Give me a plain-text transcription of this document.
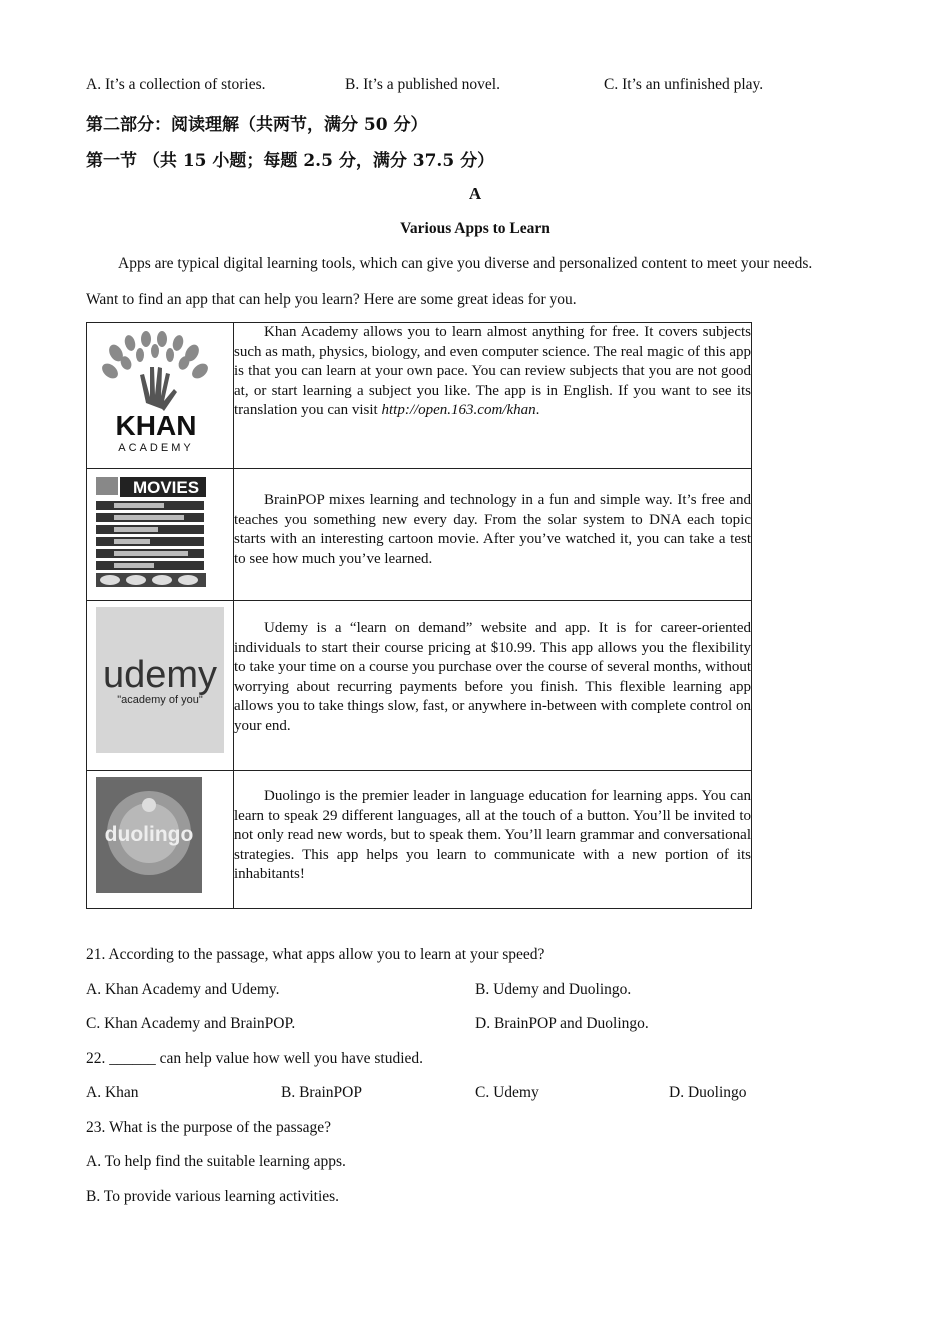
A. It’s a collection of stories.	B. It’s a published novel.	C. It’s an unfinished play.
第二部分：阅读理解（共两节，满分 50 分）
第一节 （共 15 小题；每题 2.5 分，满分 37.5 分）
A
Various Apps to Learn
Apps are typical digital learning tools, which can give you diverse and personalized content to meet your needs.
Want to find an app that can help you learn? Here are some great ideas for you.
KHAN
ACADEMY	Khan Academy allows you to learn almost anything for free. It covers subjects such as math, physics, biology, and even computer science. The real magic of this app is that you can learn at your own pace. You can review subjects that you are not good at, or start learning a subject you like. The app is in English. If you want to see its translation you can visit http://open.163.com/khan.

MOVIES	BrainPOP mixes learning and technology in a fun and simple way. It’s free and teaches you something new every day. From the solar system to DNA each topic starts with an interesting cartoon movie. After you’ve watched it, you can take a test to see how much you’ve learned.

udemy
"academy of you"	Udemy is a “learn on demand” website and app. It is for career-oriented individuals to start their course pricing at $10.99. This app allows you the flexibility to take your time on a course you purchase over the course of several months, without worrying about recurring payments before you finish. This flexible learning app allows you to take things slow, fast, or anywhere in-between with complete control on your end.

duolingo	Duolingo is the premier leader in language education for learning apps. You can learn to speak 29 different languages, all at the touch of a button. You’ll be invited to not only read new words, but to speak them. You’ll learn grammar and conversational strategies. This app helps you learn to communicate with a new portion of its inhabitants!
21. According to the passage, what apps allow you to learn at your speed?
A. Khan Academy and Udemy.	B. Udemy and Duolingo.
C. Khan Academy and BrainPOP.	D. BrainPOP and Duolingo.
22. ______ can help value how well you have studied.
A. Khan	B. BrainPOP	C. Udemy	D. Duolingo
23. What is the purpose of the passage?
A. To help find the suitable learning apps.
B. To provide various learning activities.
